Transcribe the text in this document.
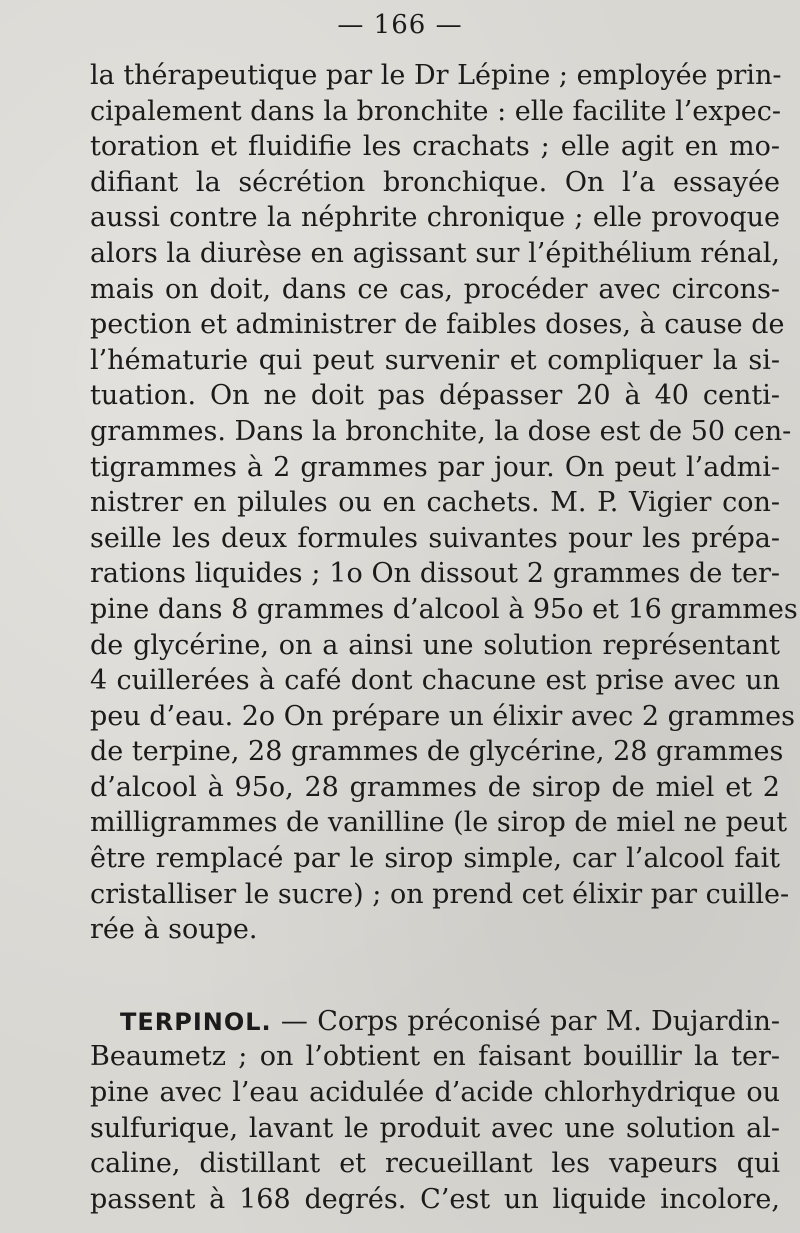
— 166 —
la thérapeutique par le Dr Lépine ; employée prin-
cipalement dans la bronchite : elle facilite l’expec-
toration et fluidifie les crachats ; elle agit en mo-
difiant la sécrétion bronchique. On l’a essayée
aussi contre la néphrite chronique ; elle provoque
alors la diurèse en agissant sur l’épithélium rénal,
mais on doit, dans ce cas, procéder avec circons-
pection et administrer de faibles doses, à cause de
l’hématurie qui peut survenir et compliquer la si-
tuation. On ne doit pas dépasser 20 à 40 centi-
grammes. Dans la bronchite, la dose est de 50 cen-
tigrammes à 2 grammes par jour. On peut l’admi-
nistrer en pilules ou en cachets. M. P. Vigier con-
seille les deux formules suivantes pour les prépa-
rations liquides ; 1o On dissout 2 grammes de ter-
pine dans 8 grammes d’alcool à 95o et 16 grammes
de glycérine, on a ainsi une solution représentant
4 cuillerées à café dont chacune est prise avec un
peu d’eau. 2o On prépare un élixir avec 2 grammes
de terpine, 28 grammes de glycérine, 28 grammes
d’alcool à 95o, 28 grammes de sirop de miel et 2
milligrammes de vanilline (le sirop de miel ne peut
être remplacé par le sirop simple, car l’alcool fait
cristalliser le sucre) ; on prend cet élixir par cuille-
rée à soupe.
TERPINOL. — Corps préconisé par M. Dujardin-
Beaumetz ; on l’obtient en faisant bouillir la ter-
pine avec l’eau acidulée d’acide chlorhydrique ou
sulfurique, lavant le produit avec une solution al-
caline, distillant et recueillant les vapeurs qui
passent à 168 degrés. C’est un liquide incolore,
